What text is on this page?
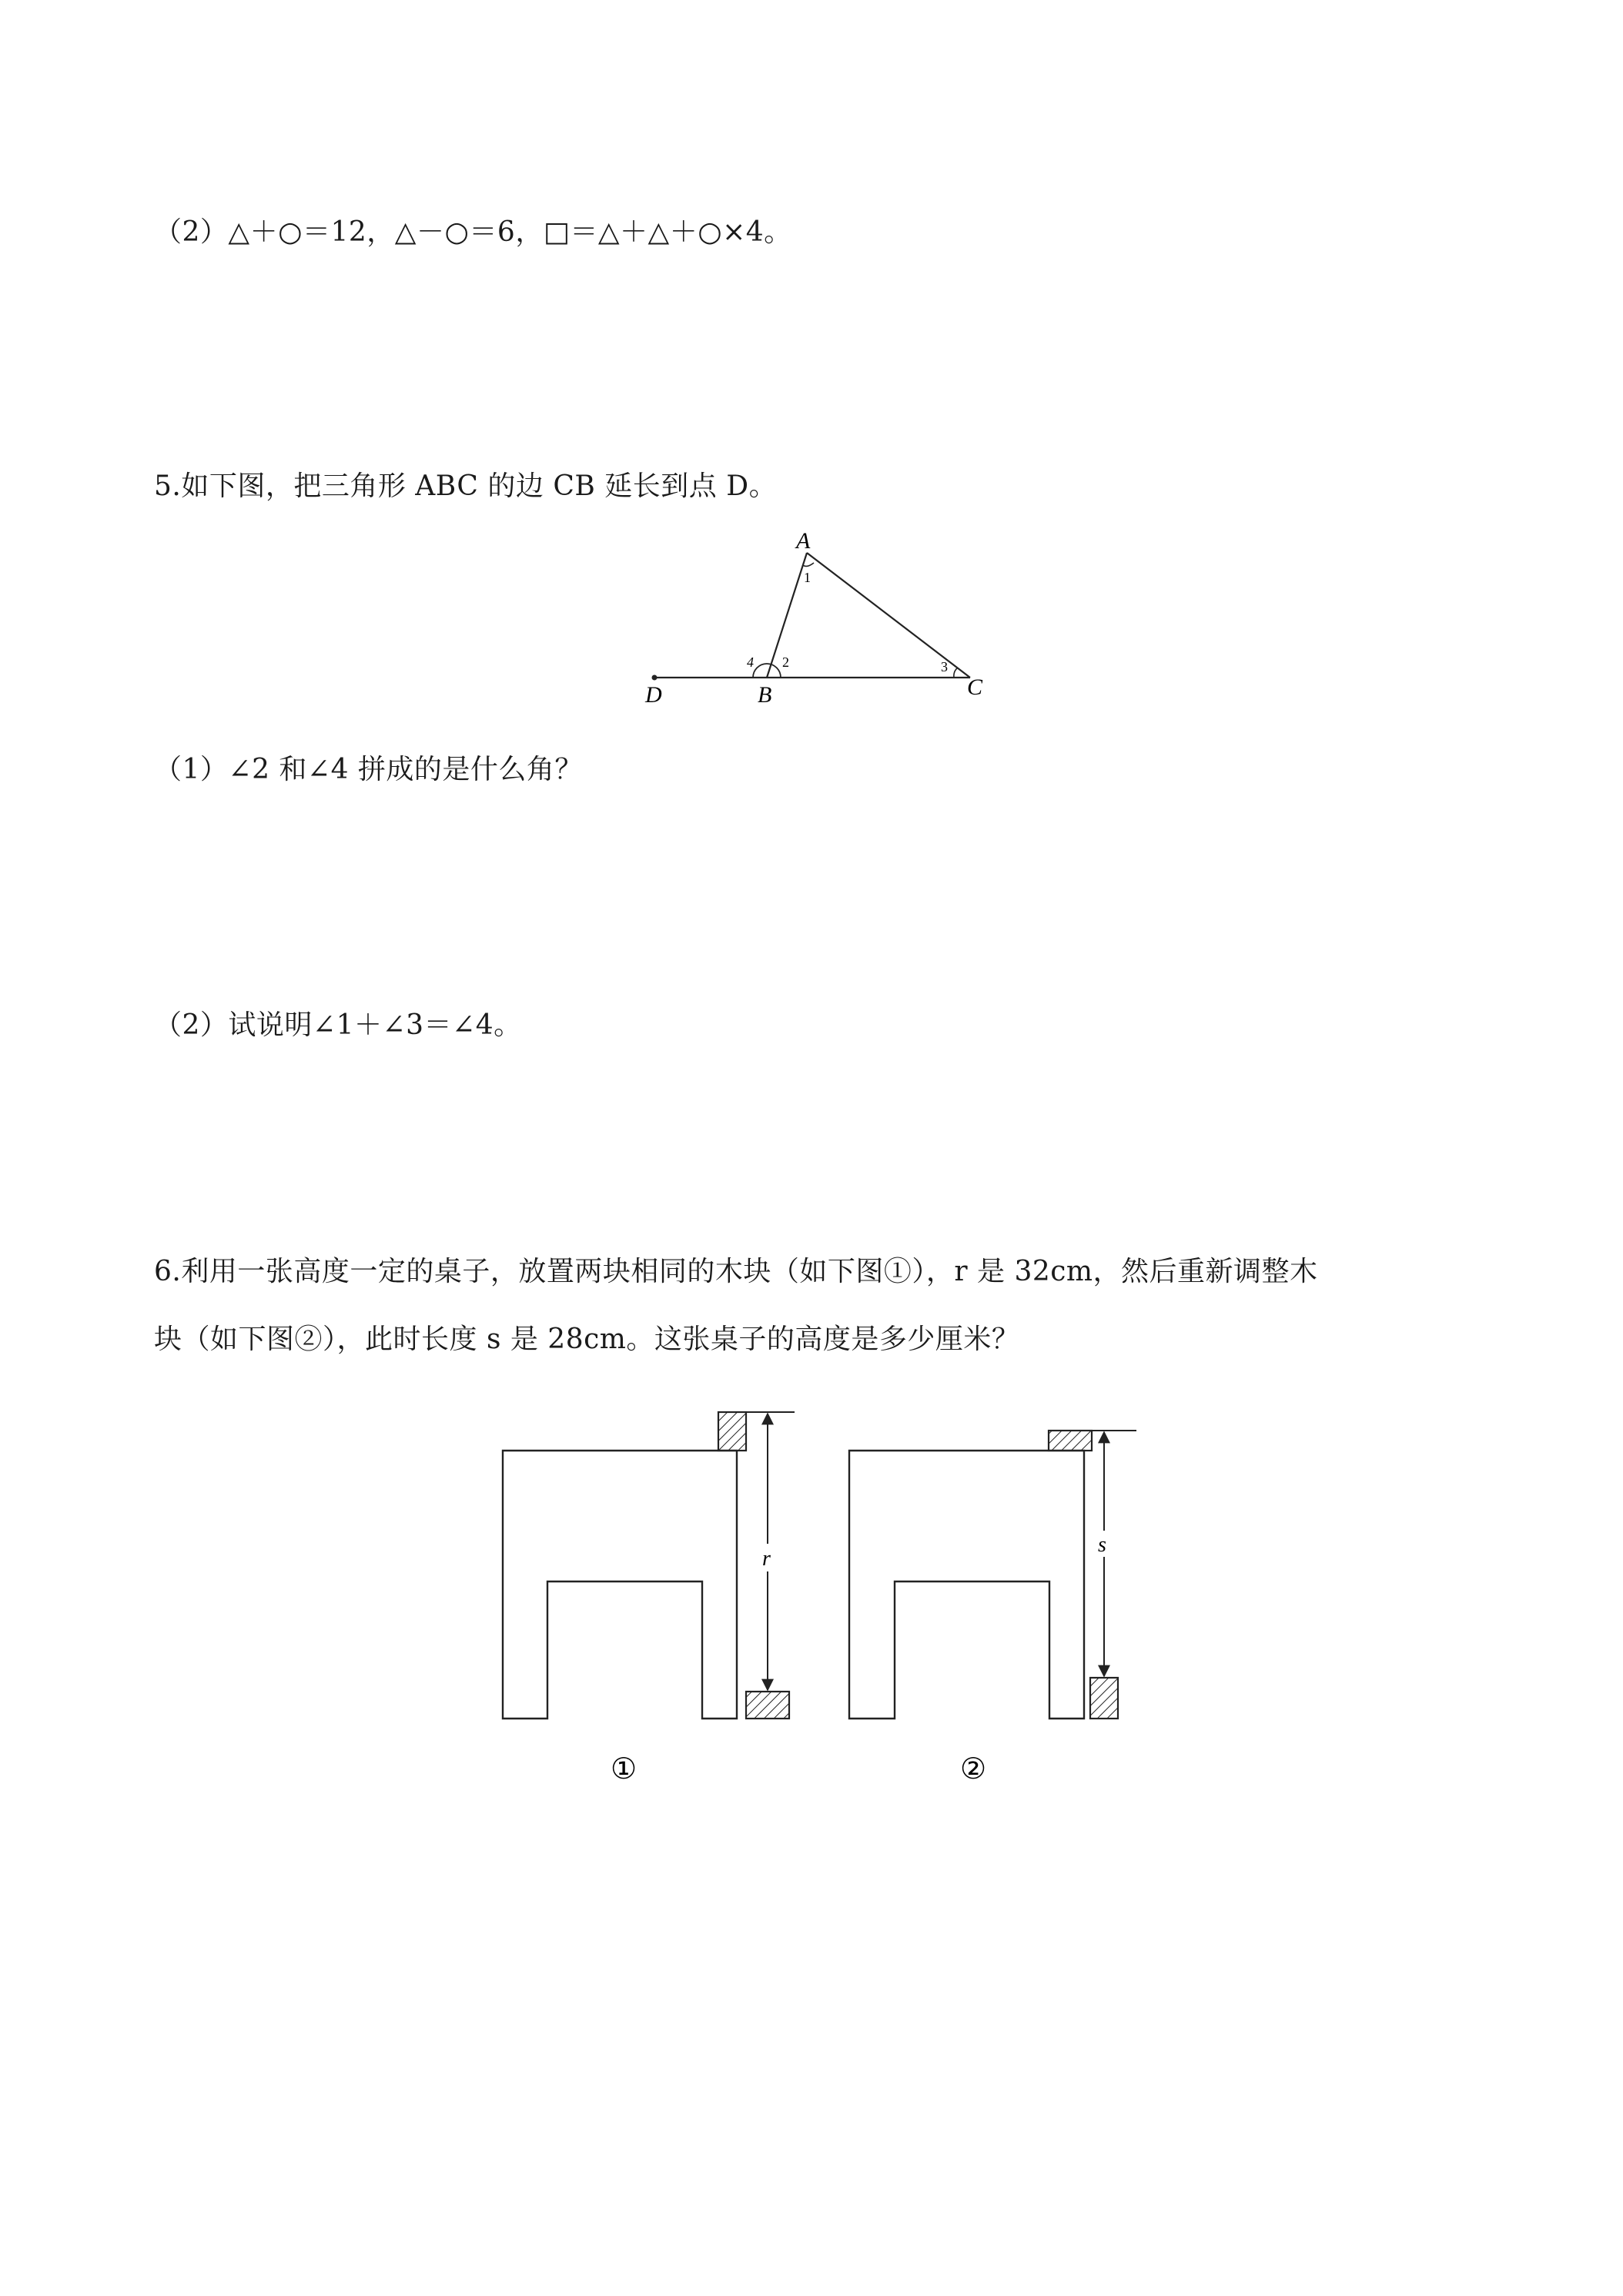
（2）△＋○＝12，△－○＝6，□＝△＋△＋○×4。
5.如下图，把三角形 ABC 的边 CB 延长到点 D。
A
1
4 2	3
D	B	C
（1）∠2 和∠4 拼成的是什么角？
（2）试说明∠1＋∠3＝∠4。
6.利用一张高度一定的桌子，放置两块相同的木块（如下图①），r 是 32cm，然后重新调整木
块（如下图②），此时长度 s 是 28cm。这张桌子的高度是多少厘米？
r
①
s
②
